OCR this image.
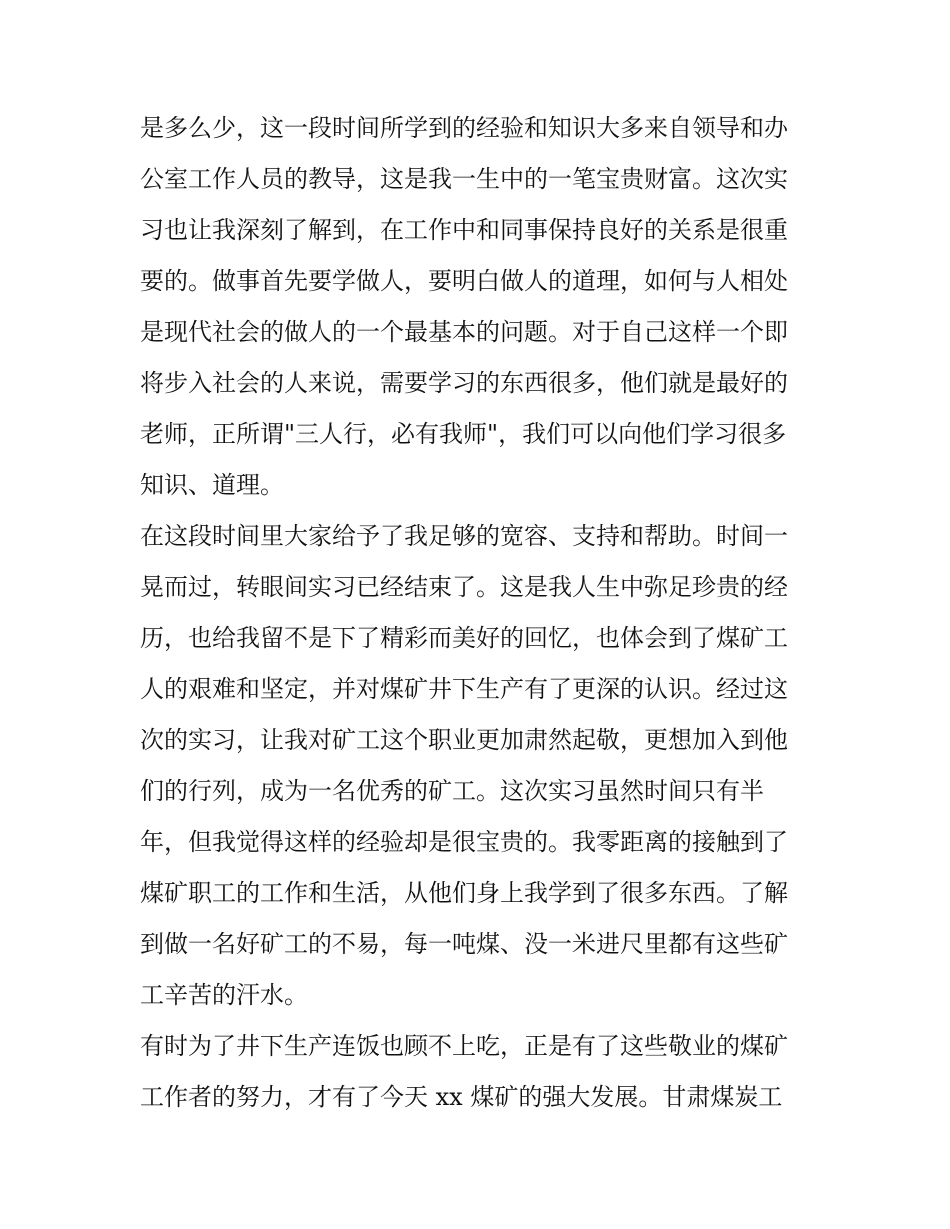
是多么少，这一段时间所学到的经验和知识大多来自领导和办
公室工作人员的教导，这是我一生中的一笔宝贵财富。这次实
习也让我深刻了解到，在工作中和同事保持良好的关系是很重
要的。做事首先要学做人，要明白做人的道理，如何与人相处
是现代社会的做人的一个最基本的问题。对于自己这样一个即
将步入社会的人来说，需要学习的东西很多，他们就是最好的
老师，正所谓"三人行，必有我师"，我们可以向他们学习很多
知识、道理。
在这段时间里大家给予了我足够的宽容、支持和帮助。时间一
晃而过，转眼间实习已经结束了。这是我人生中弥足珍贵的经
历，也给我留不是下了精彩而美好的回忆，也体会到了煤矿工
人的艰难和坚定，并对煤矿井下生产有了更深的认识。经过这
次的实习，让我对矿工这个职业更加肃然起敬，更想加入到他
们的行列，成为一名优秀的矿工。这次实习虽然时间只有半
年，但我觉得这样的经验却是很宝贵的。我零距离的接触到了
煤矿职工的工作和生活，从他们身上我学到了很多东西。了解
到做一名好矿工的不易，每一吨煤、没一米进尺里都有这些矿
工辛苦的汗水。
有时为了井下生产连饭也顾不上吃，正是有了这些敬业的煤矿
工作者的努力，才有了今天 xx 煤矿的强大发展。甘肃煤炭工
